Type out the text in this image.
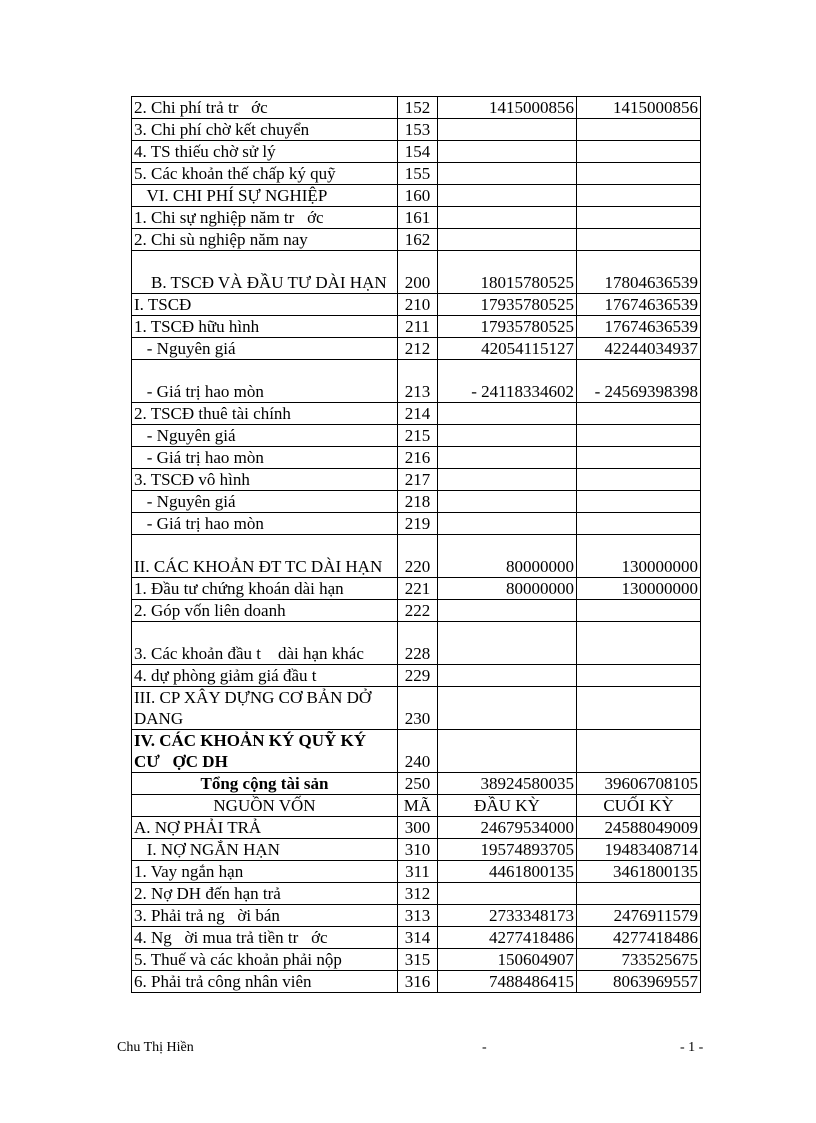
2. Chi phí trả tr   ớc	152	1415000856	1415000856
3. Chi phí chờ kết chuyển	153		
4. TS thiếu chờ sử lý	154		
5. Các khoản thế chấp ký quỹ	155		
VI. CHI PHÍ SỰ NGHIỆP	160		
1. Chi sự nghiệp năm tr   ớc	161		
2. Chi sù nghiệp năm nay	162		
B. TSCĐ VÀ ĐẦU TƯ DÀI HẠN	200	18015780525	17804636539
I. TSCĐ	210	17935780525	17674636539
1. TSCĐ hữu hình	211	17935780525	17674636539
- Nguyên giá	212	42054115127	42244034937
- Giá trị hao mòn	213	- 24118334602	- 24569398398
2. TSCĐ thuê tài chính	214		
- Nguyên giá	215		
- Giá trị hao mòn	216		
3. TSCĐ vô hình	217		
- Nguyên giá	218		
- Giá trị hao mòn	219		
II. CÁC KHOẢN ĐT TC DÀI HẠN	220	80000000	130000000
1. Đầu tư chứng khoán dài hạn	221	80000000	130000000
2. Góp vốn liên doanh	222		
3. Các khoản đầu t    dài hạn khác	228		
4. dự phòng giảm giá đầu t	229		
III. CP XÂY DỰNG CƠ BẢN DỞ DANG	230		
IV. CÁC KHOẢN KÝ QUỸ KÝ CƯ   ỢC DH	240		
Tổng cộng tài sản	250	38924580035	39606708105
NGUỒN VỐN	MÃ	ĐẦU KỲ	CUỐI KỲ
A. NỢ PHẢI TRẢ	300	24679534000	24588049009
I. NỢ NGẮN HẠN	310	19574893705	19483408714
1. Vay ngắn hạn	311	4461800135	3461800135
2. Nợ DH đến hạn trả	312		
3. Phải trả ng   ời bán	313	2733348173	2476911579
4. Ng   ời mua trả tiền tr   ớc	314	4277418486	4277418486
5. Thuế và các khoản phải nộp	315	150604907	733525675
6. Phải trả công nhân viên	316	7488486415	8063969557
Chu Thị Hiền	-	- 1 -
